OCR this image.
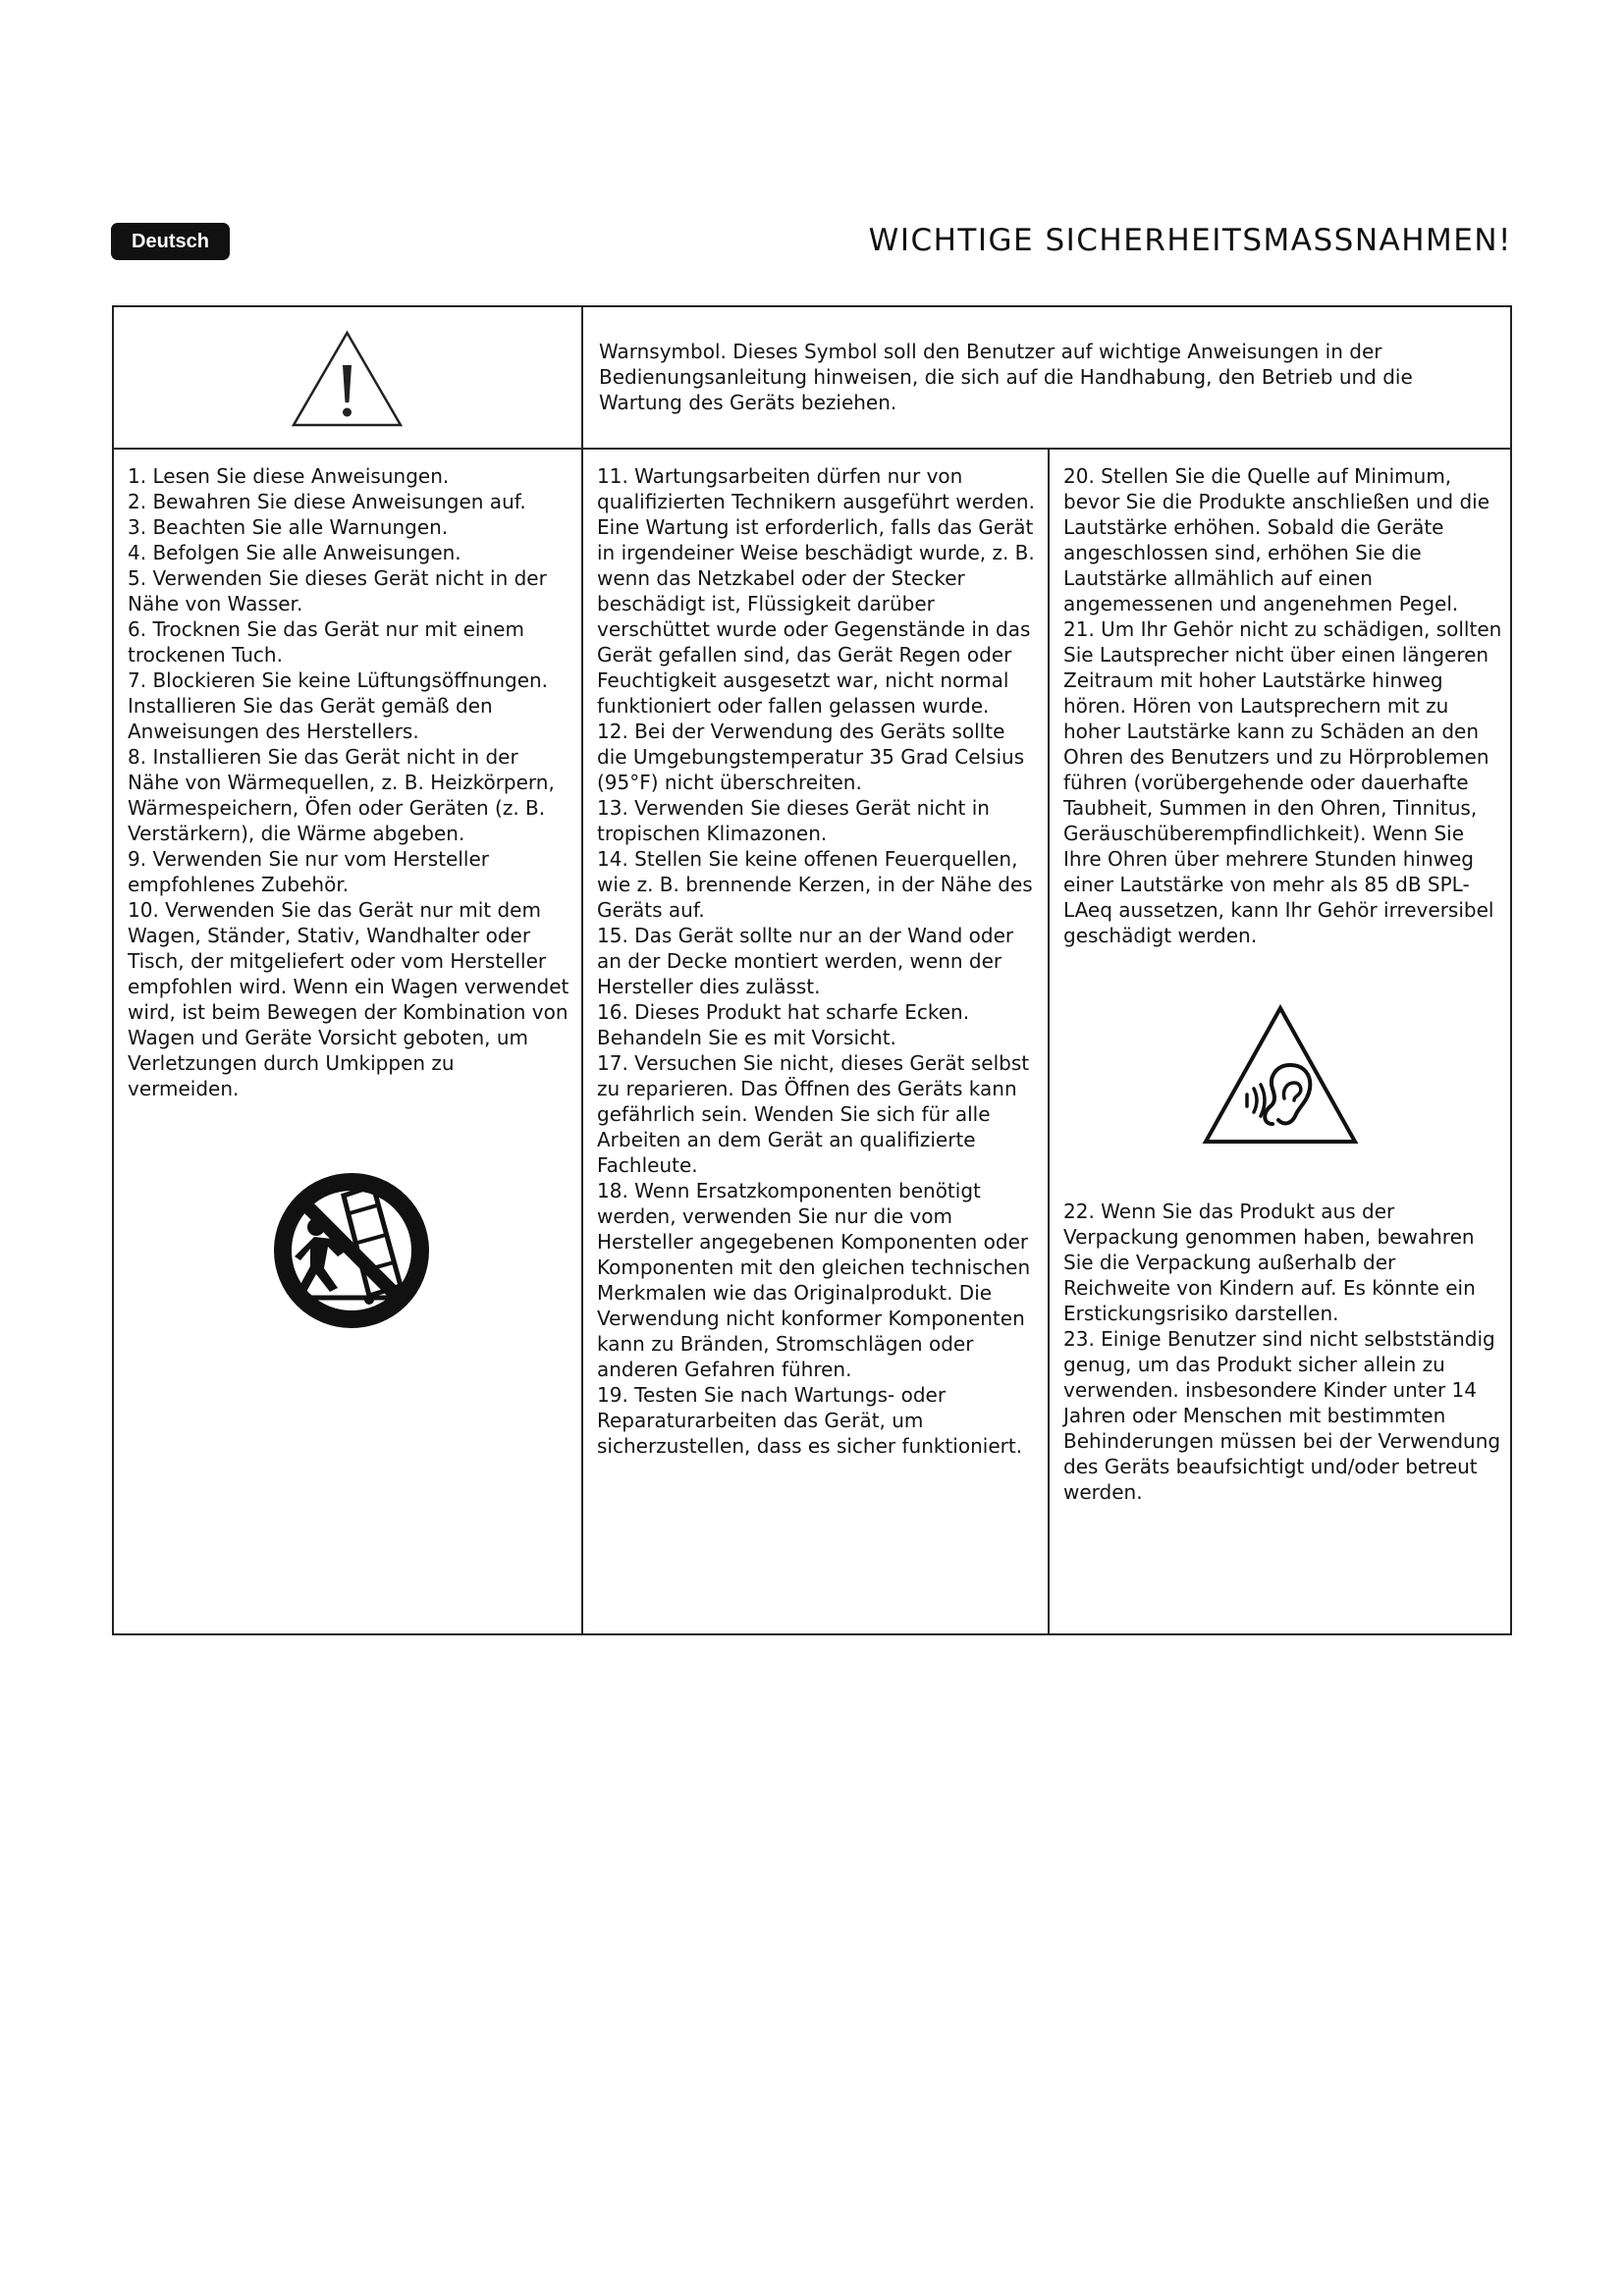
Deutsch	WICHTIGE SICHERHEITSMASSNAHMEN!
Warnsymbol. Dieses Symbol soll den Benutzer auf wichtige Anweisungen in der Bedienungsanleitung hinweisen, die sich auf die Handhabung, den Betrieb und die Wartung des Geräts beziehen.

1. Lesen Sie diese Anweisungen.

2. Bewahren Sie diese Anweisungen auf.

3. Beachten Sie alle Warnungen.

4. Befolgen Sie alle Anweisungen.

5. Verwenden Sie dieses Gerät nicht in der Nähe von Wasser.

6. Trocknen Sie das Gerät nur mit einem trockenen Tuch.

7. Blockieren Sie keine Lüftungsöffnungen. Installieren Sie das Gerät gemäß den Anweisungen des Herstellers.

8. Installieren Sie das Gerät nicht in der Nähe von Wärmequellen, z. B. Heizkörpern, Wärmespeichern, Öfen oder Geräten (z. B. Verstärkern), die Wärme abgeben.

9. Verwenden Sie nur vom Hersteller empfohlenes Zubehör.

10. Verwenden Sie das Gerät nur mit dem Wagen, Ständer, Stativ, Wandhalter oder Tisch, der mitgeliefert oder vom Hersteller empfohlen wird. Wenn ein Wagen verwendet wird, ist beim Bewegen der Kombination von Wagen und Geräte Vorsicht geboten, um Verletzungen durch Umkippen zu vermeiden.

11. Wartungsarbeiten dürfen nur von qualifizierten Technikern ausgeführt werden. Eine Wartung ist erforderlich, falls das Gerät in irgendeiner Weise beschädigt wurde, z. B. wenn das Netzkabel oder der Stecker beschädigt ist, Flüssigkeit darüber verschüttet wurde oder Gegenstände in das Gerät gefallen sind, das Gerät Regen oder Feuchtigkeit ausgesetzt war, nicht normal funktioniert oder fallen gelassen wurde.

12. Bei der Verwendung des Geräts sollte die Umgebungstemperatur 35 Grad Celsius (95°F) nicht überschreiten.

13. Verwenden Sie dieses Gerät nicht in tropischen Klimazonen.

14. Stellen Sie keine offenen Feuerquellen, wie z. B. brennende Kerzen, in der Nähe des Geräts auf.

15. Das Gerät sollte nur an der Wand oder an der Decke montiert werden, wenn der Hersteller dies zulässt.

16. Dieses Produkt hat scharfe Ecken. Behandeln Sie es mit Vorsicht.

17. Versuchen Sie nicht, dieses Gerät selbst zu reparieren. Das Öffnen des Geräts kann gefährlich sein. Wenden Sie sich für alle Arbeiten an dem Gerät an qualifizierte Fachleute.

18. Wenn Ersatzkomponenten benötigt werden, verwenden Sie nur die vom Hersteller angegebenen Komponenten oder Komponenten mit den gleichen technischen Merkmalen wie das Originalprodukt. Die Verwendung nicht konformer Komponenten kann zu Bränden, Stromschlägen oder anderen Gefahren führen.

19. Testen Sie nach Wartungs- oder Reparaturarbeiten das Gerät, um sicherzustellen, dass es sicher funktioniert.

20. Stellen Sie die Quelle auf Minimum, bevor Sie die Produkte anschließen und die Lautstärke erhöhen. Sobald die Geräte angeschlossen sind, erhöhen Sie die Lautstärke allmählich auf einen angemessenen und angenehmen Pegel.

21. Um Ihr Gehör nicht zu schädigen, sollten Sie Lautsprecher nicht über einen längeren Zeitraum mit hoher Lautstärke hinweg hören. Hören von Lautsprechern mit zu hoher Lautstärke kann zu Schäden an den Ohren des Benutzers und zu Hörproblemen führen (vorübergehende oder dauerhafte Taubheit, Summen in den Ohren, Tinnitus, Geräuschüberempfindlichkeit). Wenn Sie Ihre Ohren über mehrere Stunden hinweg einer Lautstärke von mehr als 85 dB SPL-LAeq aussetzen, kann Ihr Gehör irreversibel geschädigt werden.

22. Wenn Sie das Produkt aus der Verpackung genommen haben, bewahren Sie die Verpackung außerhalb der Reichweite von Kindern auf. Es könnte ein Erstickungsrisiko darstellen.

23. Einige Benutzer sind nicht selbstständig genug, um das Produkt sicher allein zu verwenden. insbesondere Kinder unter 14 Jahren oder Menschen mit bestimmten Behinderungen müssen bei der Verwendung des Geräts beaufsichtigt und/oder betreut werden.
